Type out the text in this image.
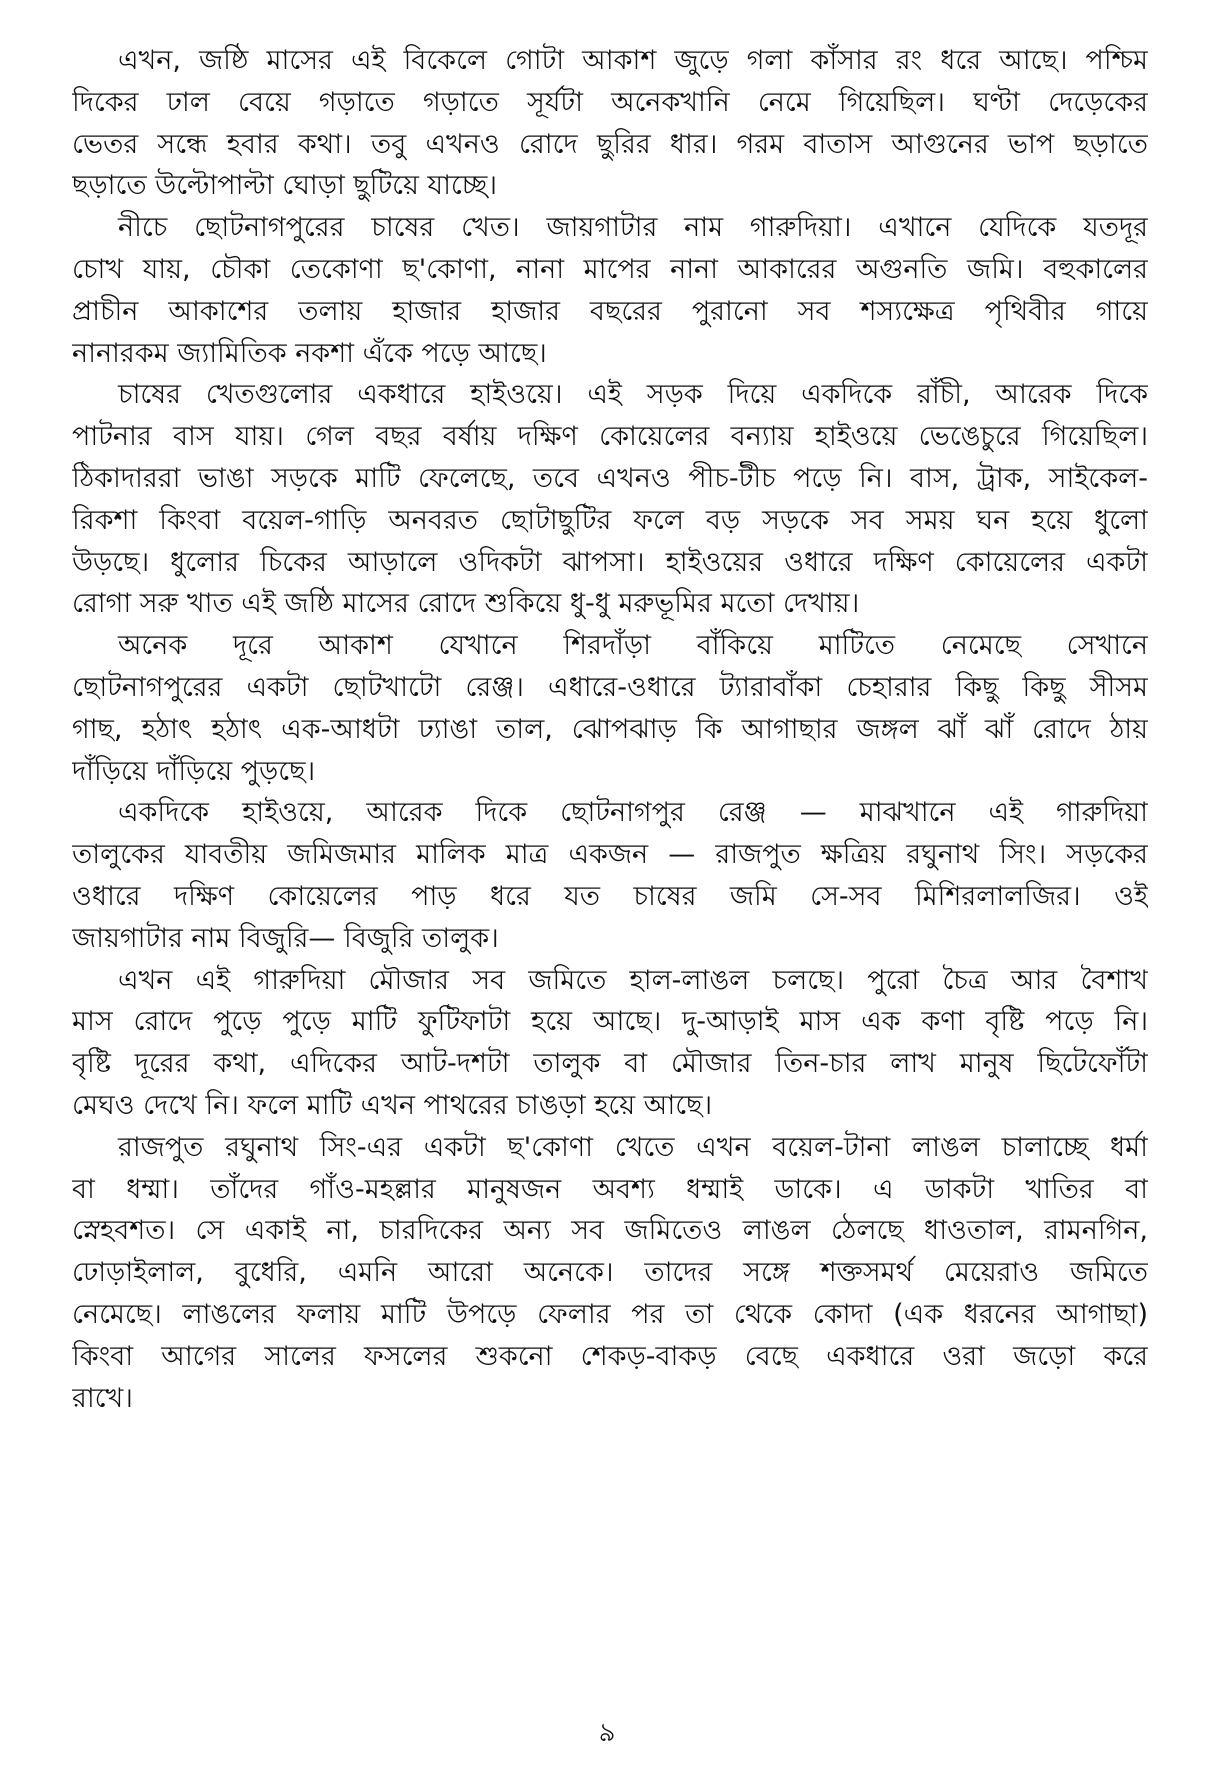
এখন, জষ্ঠি মাসের এই বিকেলে গোটা আকাশ জুড়ে গলা কাঁসার রং ধরে আছে। পশ্চিম
দিকের ঢাল বেয়ে গড়াতে গড়াতে সূর্যটা অনেকখানি নেমে গিয়েছিল। ঘণ্টা দেড়েকের
ভেতর সন্ধে হবার কথা। তবু এখনও রোদে ছুরির ধার। গরম বাতাস আগুনের ভাপ ছড়াতে
ছড়াতে উল্টোপাল্টা ঘোড়া ছুটিয়ে যাচ্ছে।
নীচে ছোটনাগপুরের চাষের খেত। জায়গাটার নাম গারুদিয়া। এখানে যেদিকে যতদূর
চোখ যায়, চৌকা তেকোণা ছ'কোণা, নানা মাপের নানা আকারের অগুনতি জমি। বহুকালের
প্রাচীন আকাশের তলায় হাজার হাজার বছরের পুরানো সব শস্যক্ষেত্র পৃথিবীর গায়ে
নানারকম জ্যামিতিক নকশা এঁকে পড়ে আছে।
চাষের খেতগুলোর একধারে হাইওয়ে। এই সড়ক দিয়ে একদিকে রাঁচী, আরেক দিকে
পাটনার বাস যায়। গেল বছর বর্ষায় দক্ষিণ কোয়েলের বন্যায় হাইওয়ে ভেঙেচুরে গিয়েছিল।
ঠিকাদাররা ভাঙা সড়কে মাটি ফেলেছে, তবে এখনও পীচ-টীচ পড়ে নি। বাস, ট্রাক, সাইকেল-
রিকশা কিংবা বয়েল-গাড়ি অনবরত ছোটাছুটির ফলে বড় সড়কে সব সময় ঘন হয়ে ধুলো
উড়ছে। ধুলোর চিকের আড়ালে ওদিকটা ঝাপসা। হাইওয়ের ওধারে দক্ষিণ কোয়েলের একটা
রোগা সরু খাত এই জষ্ঠি মাসের রোদে শুকিয়ে ধু-ধু মরুভূমির মতো দেখায়।
অনেক দূরে আকাশ যেখানে শিরদাঁড়া বাঁকিয়ে মাটিতে নেমেছে সেখানে
ছোটনাগপুরের একটা ছোটখাটো রেঞ্জ। এধারে-ওধারে ট্যারাবাঁকা চেহারার কিছু কিছু সীসম
গাছ, হঠাৎ হঠাৎ এক-আধটা ঢ্যাঙা তাল, ঝোপঝাড় কি আগাছার জঙ্গল ঝাঁ ঝাঁ রোদে ঠায়
দাঁড়িয়ে দাঁড়িয়ে পুড়ছে।
একদিকে হাইওয়ে, আরেক দিকে ছোটনাগপুর রেঞ্জ — মাঝখানে এই গারুদিয়া
তালুকের যাবতীয় জমিজমার মালিক মাত্র একজন — রাজপুত ক্ষত্রিয় রঘুনাথ সিং। সড়কের
ওধারে দক্ষিণ কোয়েলের পাড় ধরে যত চাষের জমি সে-সব মিশিরলালজির। ওই
জায়গাটার নাম বিজুরি— বিজুরি তালুক।
এখন এই গারুদিয়া মৌজার সব জমিতে হাল-লাঙল চলছে। পুরো চৈত্র আর বৈশাখ
মাস রোদে পুড়ে পুড়ে মাটি ফুটিফাটা হয়ে আছে। দু-আড়াই মাস এক কণা বৃষ্টি পড়ে নি।
বৃষ্টি দূরের কথা, এদিকের আট-দশটা তালুক বা মৌজার তিন-চার লাখ মানুষ ছিটেফোঁটা
মেঘও দেখে নি। ফলে মাটি এখন পাথরের চাঙড়া হয়ে আছে।
রাজপুত রঘুনাথ সিং-এর একটা ছ'কোণা খেতে এখন বয়েল-টানা লাঙল চালাচ্ছে ধর্মা
বা ধম্মা। তাঁদের গাঁও-মহল্লার মানুষজন অবশ্য ধম্মাই ডাকে। এ ডাকটা খাতির বা
স্নেহবশত। সে একাই না, চারদিকের অন্য সব জমিতেও লাঙল ঠেলছে ধাওতাল, রামনগিন,
ঢোড়াইলাল, বুধেরি, এমনি আরো অনেকে। তাদের সঙ্গে শক্তসমর্থ মেয়েরাও জমিতে
নেমেছে। লাঙলের ফলায় মাটি উপড়ে ফেলার পর তা থেকে কোদা (এক ধরনের আগাছা)
কিংবা আগের সালের ফসলের শুকনো শেকড়-বাকড় বেছে একধারে ওরা জড়ো করে
রাখে।
৯
